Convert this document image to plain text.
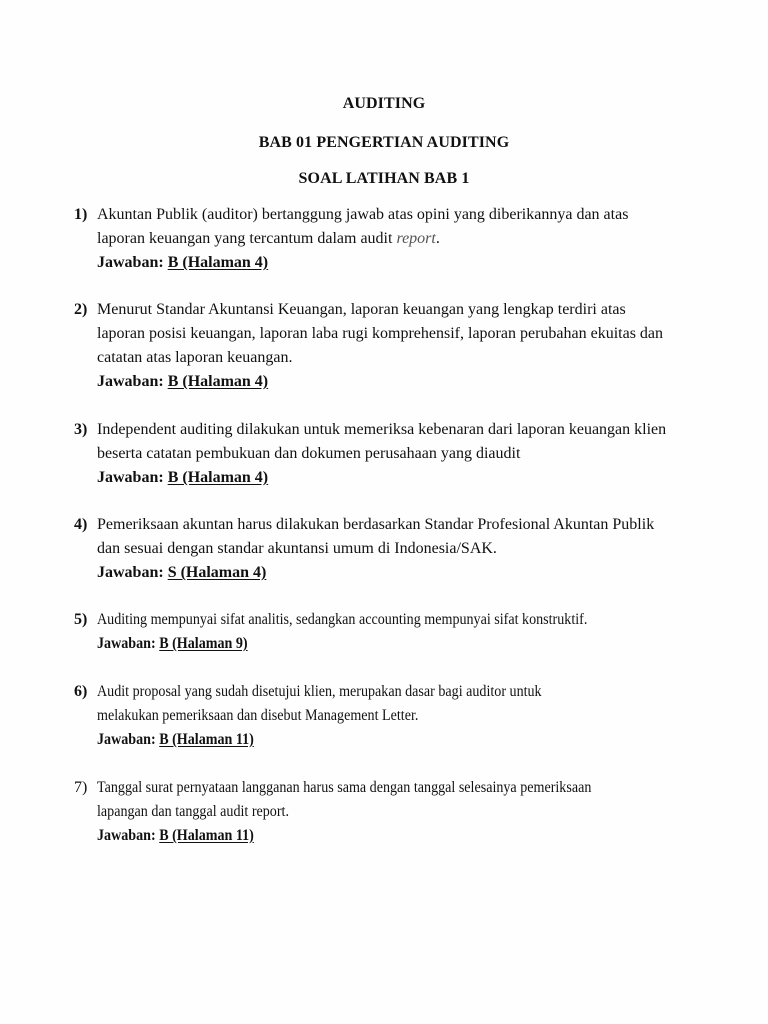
AUDITING
BAB 01 PENGERTIAN AUDITING
SOAL LATIHAN BAB 1
1) Akuntan Publik (auditor) bertanggung jawab atas opini yang diberikannya dan atas
laporan keuangan yang tercantum dalam audit report.
Jawaban: B (Halaman 4)
2) Menurut Standar Akuntansi Keuangan, laporan keuangan yang lengkap terdiri atas
laporan posisi keuangan, laporan laba rugi komprehensif, laporan perubahan ekuitas dan
catatan atas laporan keuangan.
Jawaban: B (Halaman 4)
3) Independent auditing dilakukan untuk memeriksa kebenaran dari laporan keuangan klien
beserta catatan pembukuan dan dokumen perusahaan yang diaudit
Jawaban: B (Halaman 4)
4) Pemeriksaan akuntan harus dilakukan berdasarkan Standar Profesional Akuntan Publik
dan sesuai dengan standar akuntansi umum di Indonesia/SAK.
Jawaban: S (Halaman 4)
5) Auditing mempunyai sifat analitis, sedangkan accounting mempunyai sifat konstruktif.
Jawaban: B (Halaman 9)
6) Audit proposal yang sudah disetujui klien, merupakan dasar bagi auditor untuk
melakukan pemeriksaan dan disebut Management Letter.
Jawaban: B (Halaman 11)
7) Tanggal surat pernyataan langganan harus sama dengan tanggal selesainya pemeriksaan
lapangan dan tanggal audit report.
Jawaban: B (Halaman 11)
